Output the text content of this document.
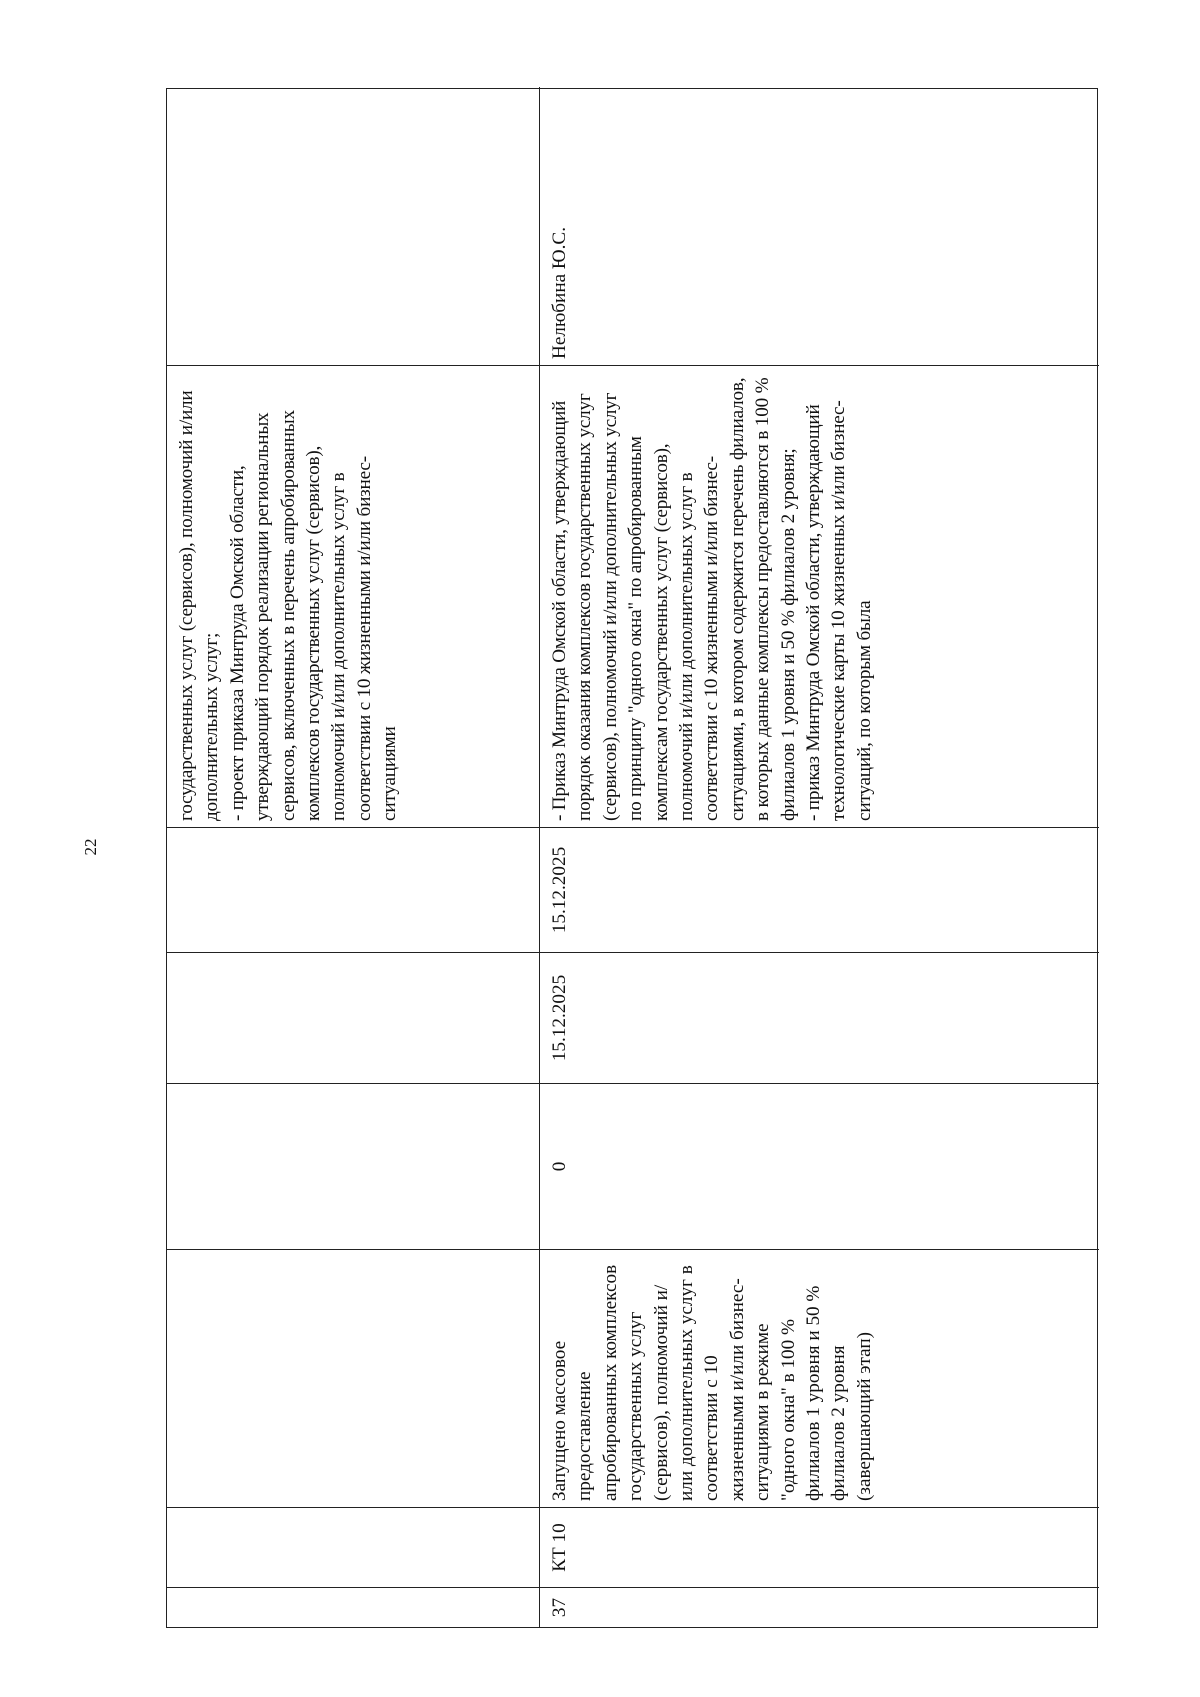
22
государственных услуг (сервисов), полномочий и/или дополнительных услуг;
- проект приказа Минтруда Омской области, утверждающий порядок реализации региональных сервисов, включенных в перечень апробированных комплексов государственных услуг (сервисов), полномочий и/или дополнительных услуг в соответствии с 10 жизненными и/или бизнес-ситуациями
37
КТ 10
Запущено массовое предоставление апробированных комплексов государственных услуг (сервисов), полномочий и/или дополнительных услуг в соответствии с 10 жизненными и/или бизнес-ситуациями в режиме "одного окна" в 100 % филиалов 1 уровня и 50 % филиалов 2 уровня (завершающий этап)
0
15.12.2025
15.12.2025
- Приказ Минтруда Омской области, утверждающий порядок оказания комплексов государственных услуг (сервисов), полномочий и/или дополнительных услуг по принципу "одного окна" по апробированным комплексам государственных услуг (сервисов), полномочий и/или дополнительных услуг в соответствии с 10 жизненными и/или бизнес-ситуациями, в котором содержится перечень филиалов, в которых данные комплексы предоставляются в 100 % филиалов 1 уровня и 50 % филиалов 2 уровня;
- приказ Минтруда Омской области, утверждающий технологические карты 10 жизненных и/или бизнес-ситуаций, по которым была
Нелюбина Ю.С.
